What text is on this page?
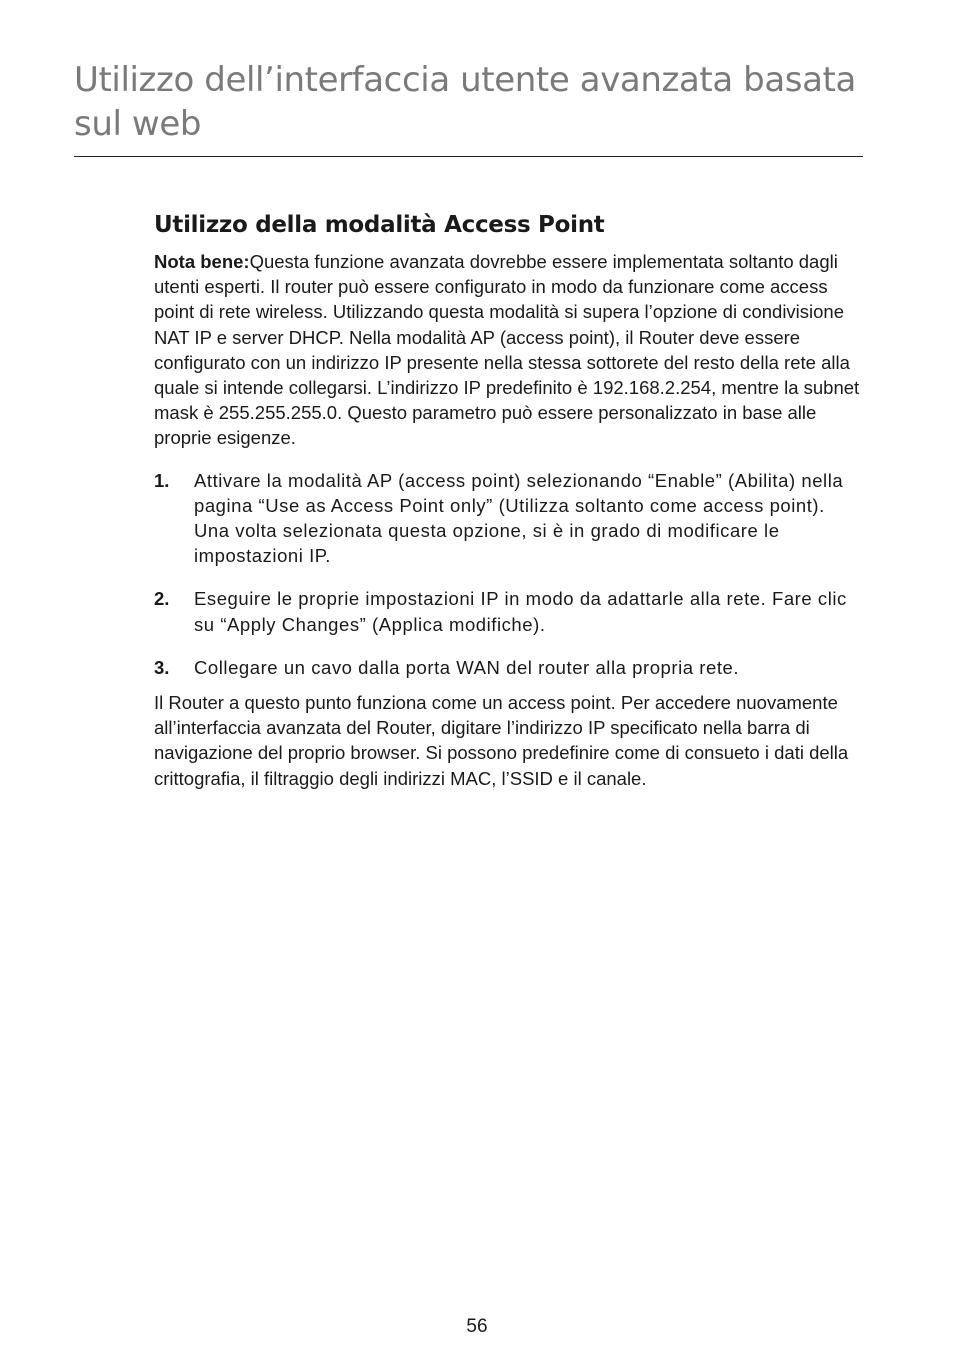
Utilizzo dell’interfaccia utente avanzata basata sul web
Utilizzo della modalità Access Point

Nota bene:Questa funzione avanzata dovrebbe essere implementata soltanto dagli utenti esperti. Il router può essere configurato in modo da funzionare come access point di rete wireless. Utilizzando questa modalità si supera l’opzione di condivisione NAT IP e server DHCP. Nella modalità AP (access point), il Router deve essere configurato con un indirizzo IP presente nella stessa sottorete del resto della rete alla quale si intende collegarsi. L’indirizzo IP predefinito è 192.168.2.254, mentre la subnet mask è 255.255.255.0. Questo parametro può essere personalizzato in base alle proprie esigenze.

1. Attivare la modalità AP (access point) selezionando “Enable” (Abilita) nella pagina “Use as Access Point only” (Utilizza soltanto come access point). Una volta selezionata questa opzione, si è in grado di modificare le impostazioni IP.
2. Eseguire le proprie impostazioni IP in modo da adattarle alla rete. Fare clic su “Apply Changes” (Applica modifiche).
3. Collegare un cavo dalla porta WAN del router alla propria rete.

Il Router a questo punto funziona come un access point. Per accedere nuovamente all’interfaccia avanzata del Router, digitare l’indirizzo IP specificato nella barra di navigazione del proprio browser. Si possono predefinire come di consueto i dati della crittografia, il filtraggio degli indirizzi MAC, l’SSID e il canale.

56
